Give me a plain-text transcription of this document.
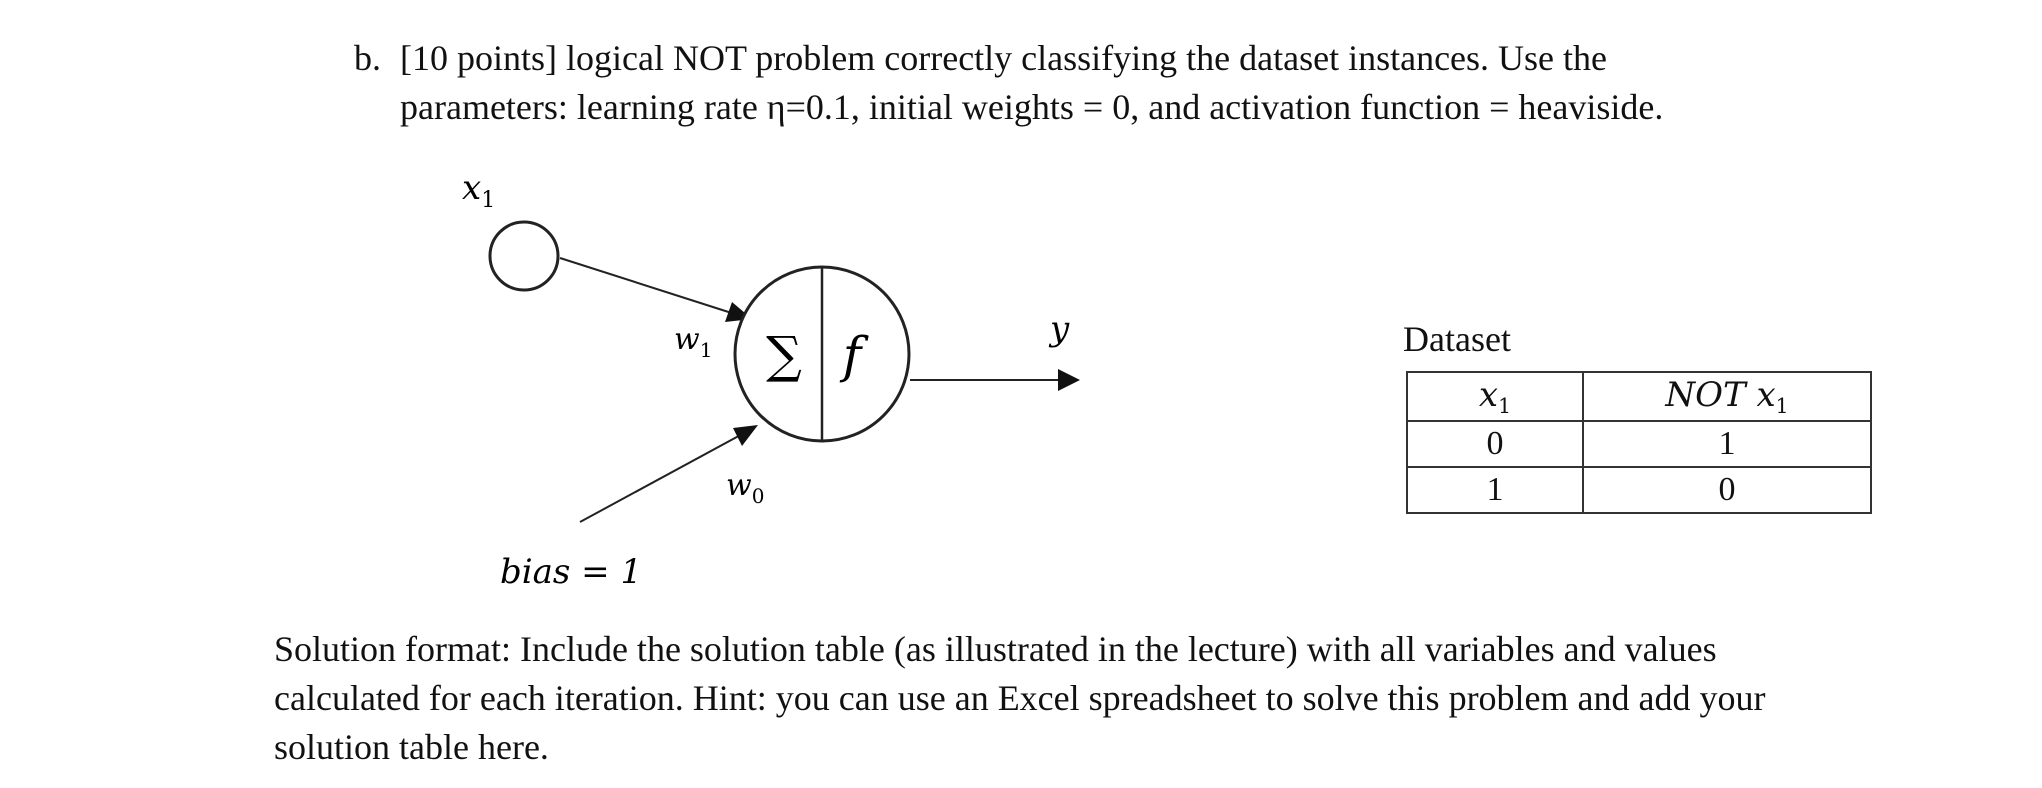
b. [10 points] logical NOT problem correctly classifying the dataset instances. Use the
parameters: learning rate η=0.1, initial weights = 0, and activation function = heaviside.
$x_1$
$w_1$ ∑ f
$w_0$
y
bias = 1
Dataset
$x_1$	NOT $x_1$
0	1
1	0
Solution format: Include the solution table (as illustrated in the lecture) with all variables and values
calculated for each iteration. Hint: you can use an Excel spreadsheet to solve this problem and add your
solution table here.
